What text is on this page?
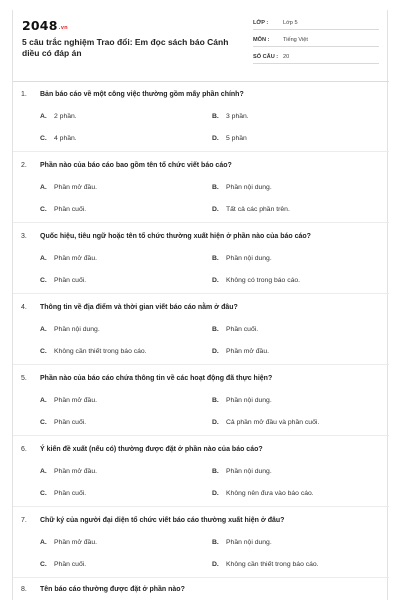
2048.vn
5 câu trắc nghiệm Trao đổi: Em đọc sách báo Cánh diều có đáp án
LỚP :	Lớp 5
MÔN :	Tiếng Việt
SỐ CÂU : 20
1. Bản báo cáo về một công việc thường gồm mấy phần chính?
A. 2 phần.	B. 3 phần.
C. 4 phần.	D. 5 phần
2. Phần nào của báo cáo bao gồm tên tổ chức viết báo cáo?
A. Phần mở đầu.	B. Phần nội dung.
C. Phần cuối.	D. Tất cả các phần trên.
3. Quốc hiệu, tiêu ngữ hoặc tên tổ chức thường xuất hiện ở phần nào của báo cáo?
A. Phần mở đầu.	B. Phần nội dung.
C. Phần cuối.	D. Không có trong báo cáo.
4. Thông tin về địa điểm và thời gian viết báo cáo nằm ở đâu?
A. Phần nội dung.	B. Phần cuối.
C. Không cần thiết trong báo cáo.	D. Phần mở đầu.
5. Phần nào của báo cáo chứa thông tin về các hoạt động đã thực hiện?
A. Phần mở đầu.	B. Phần nội dung.
C. Phần cuối.	D. Cả phần mở đầu và phần cuối.
6. Ý kiến đề xuất (nếu có) thường được đặt ở phần nào của báo cáo?
A. Phần mở đầu.	B. Phần nội dung.
C. Phần cuối.	D. Không nên đưa vào báo cáo.
7. Chữ ký của người đại diện tổ chức viết báo cáo thường xuất hiện ở đâu?
A. Phần mở đầu.	B. Phần nội dung.
C. Phần cuối.	D. Không cần thiết trong báo cáo.
8. Tên báo cáo thường được đặt ở phần nào?
